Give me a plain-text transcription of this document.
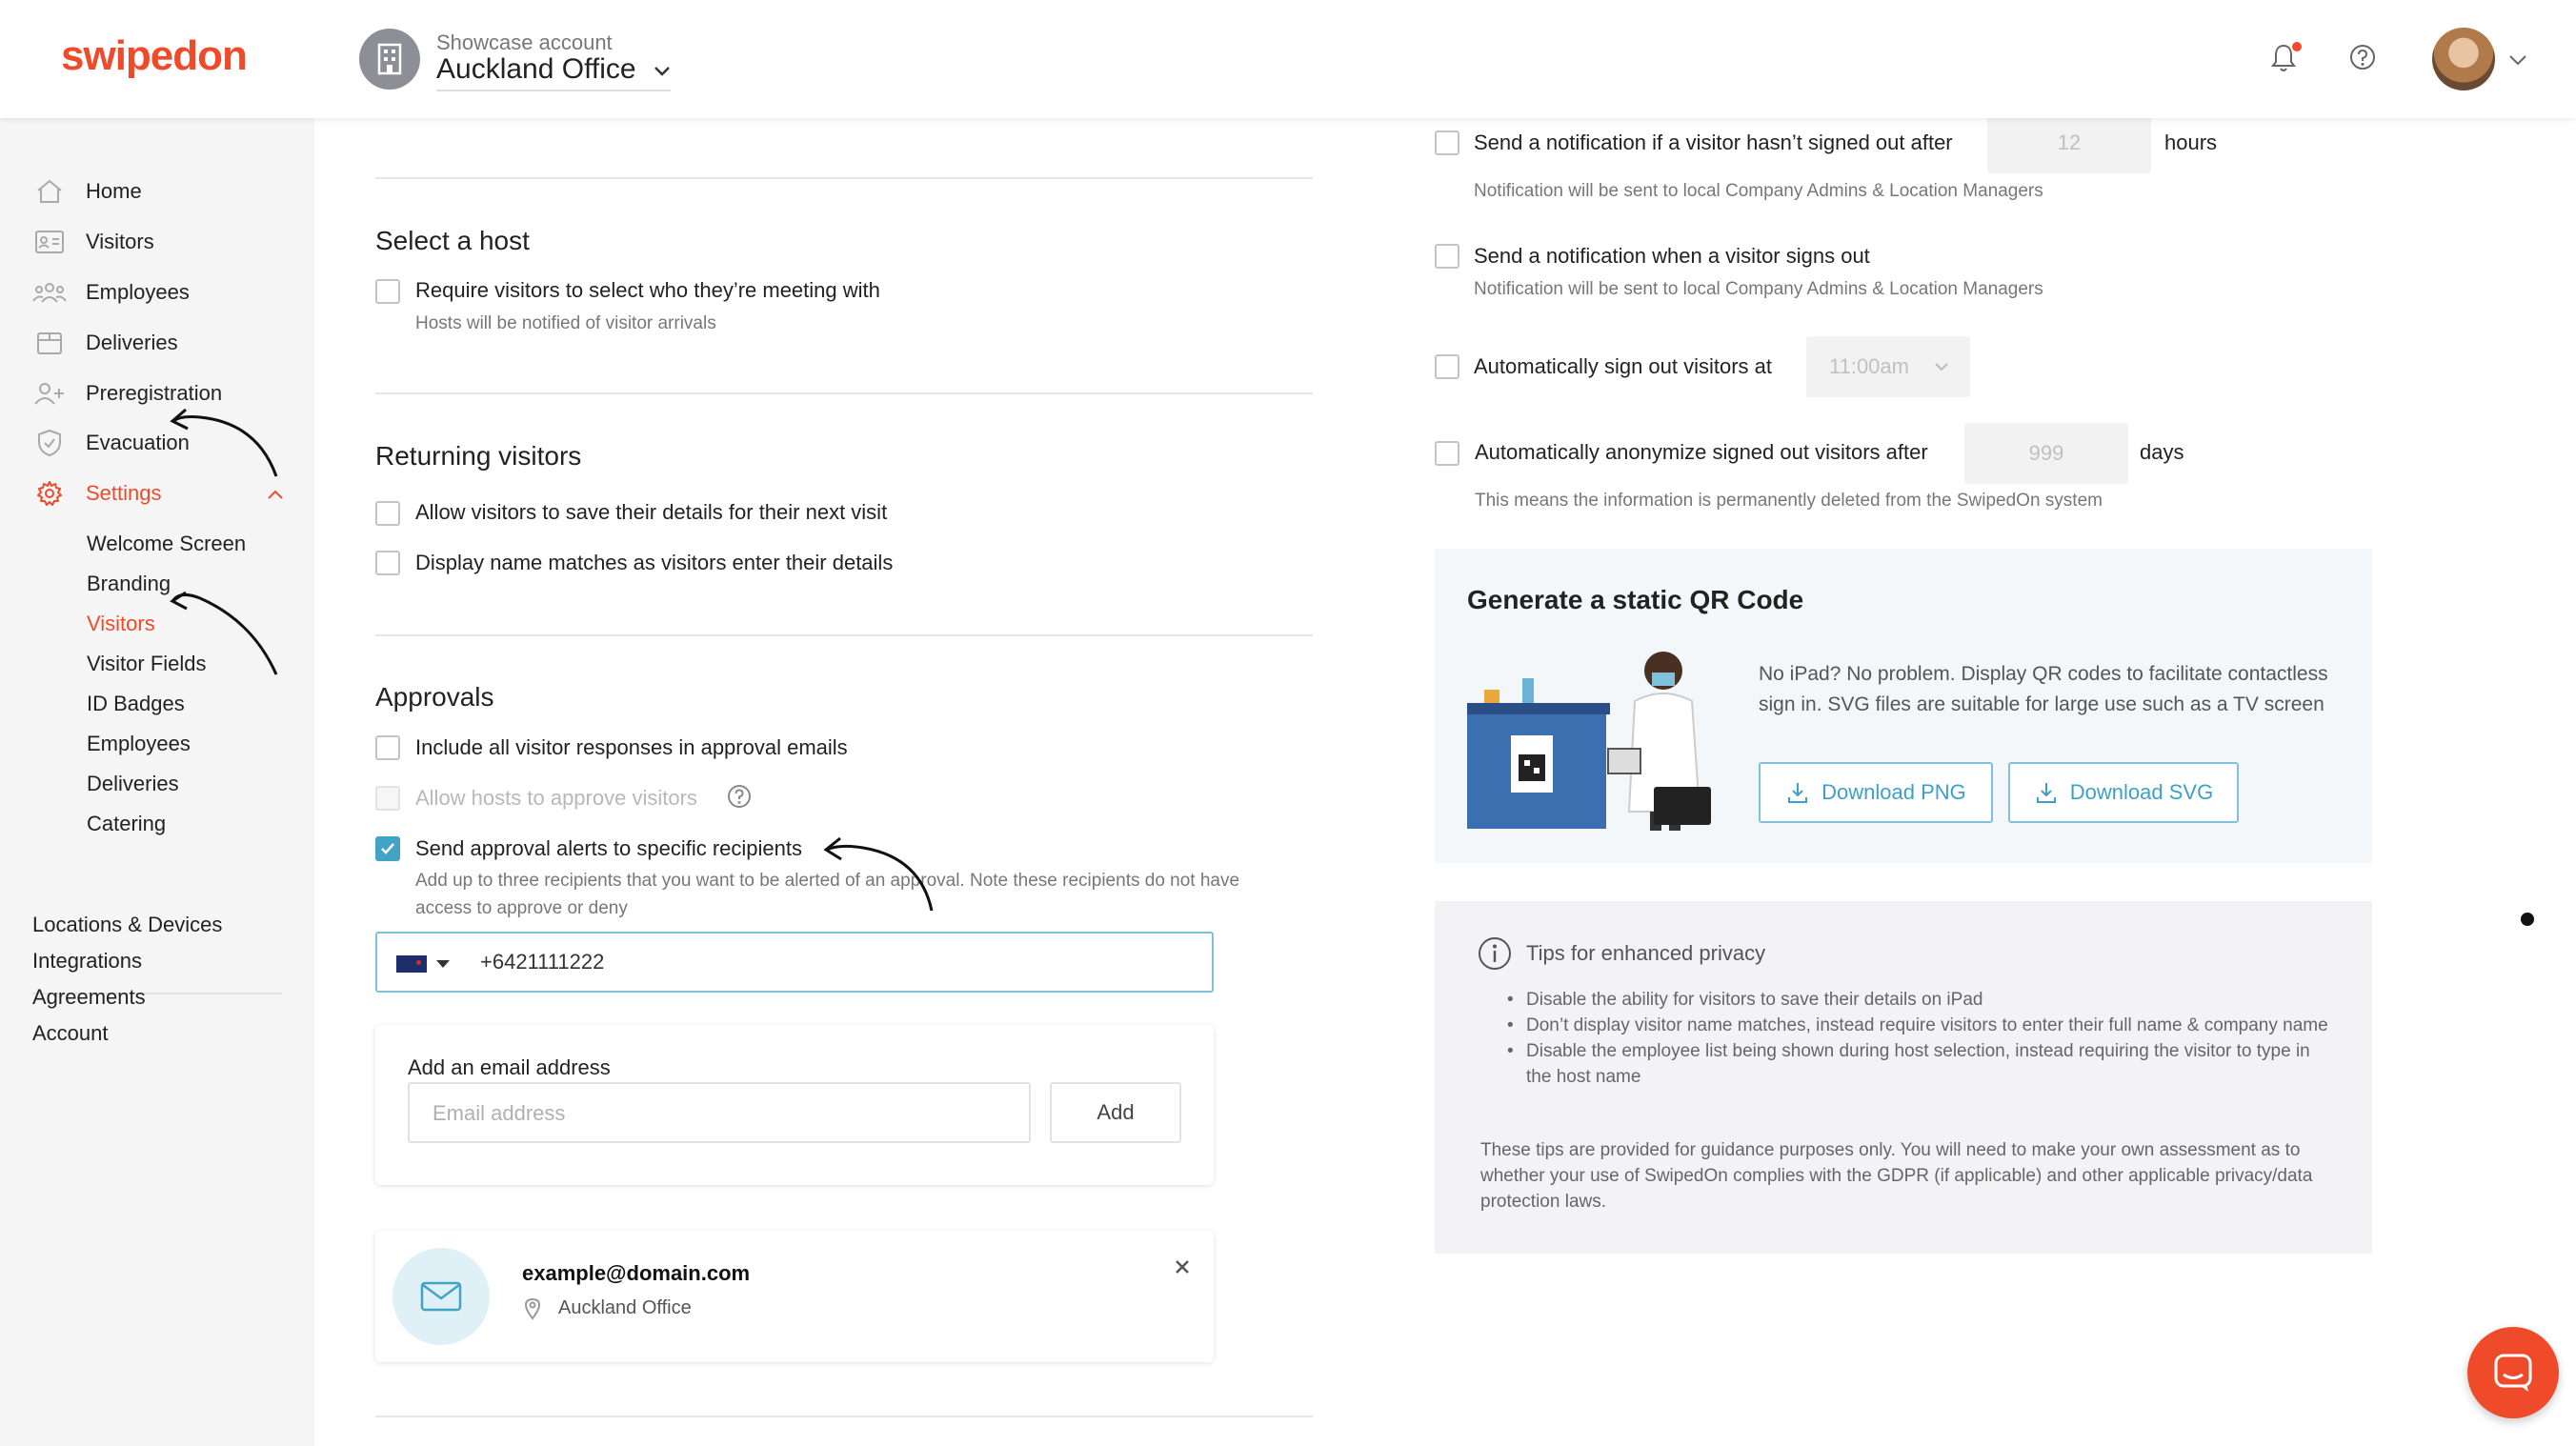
swipedon	Showcase account
Auckland Office
Home
Visitors
Employees
Deliveries
Preregistration
Evacuation
Settings
Welcome Screen
Branding
Visitors
Visitor Fields
ID Badges
Employees
Deliveries
Catering
Locations & Devices
Integrations
Agreements
Account
Select a host
Require visitors to select who they’re meeting with
Hosts will be notified of visitor arrivals
Returning visitors
Allow visitors to save their details for their next visit
Display name matches as visitors enter their details
Approvals
Include all visitor responses in approval emails
Allow hosts to approve visitors
Send approval alerts to specific recipients
Add up to three recipients that you want to be alerted of an approval. Note these recipients do not have access to approve or deny
+6421111222
Add an email address
Email address	Add
example@domain.com
Auckland Office
Send a notification if a visitor hasn’t signed out after	12	hours
Notification will be sent to local Company Admins & Location Managers
Send a notification when a visitor signs out
Notification will be sent to local Company Admins & Location Managers
Automatically sign out visitors at	11:00am
Automatically anonymize signed out visitors after	999	days
This means the information is permanently deleted from the SwipedOn system
Generate a static QR Code
No iPad? No problem. Display QR codes to facilitate contactless sign in. SVG files are suitable for large use such as a TV screen
Download PNG	Download SVG
Tips for enhanced privacy
• Disable the ability for visitors to save their details on iPad
• Don’t display visitor name matches, instead require visitors to enter their full name & company name
• Disable the employee list being shown during host selection, instead requiring the visitor to type in the host name
These tips are provided for guidance purposes only. You will need to make your own assessment as to whether your use of SwipedOn complies with the GDPR (if applicable) and other applicable privacy/data protection laws.
